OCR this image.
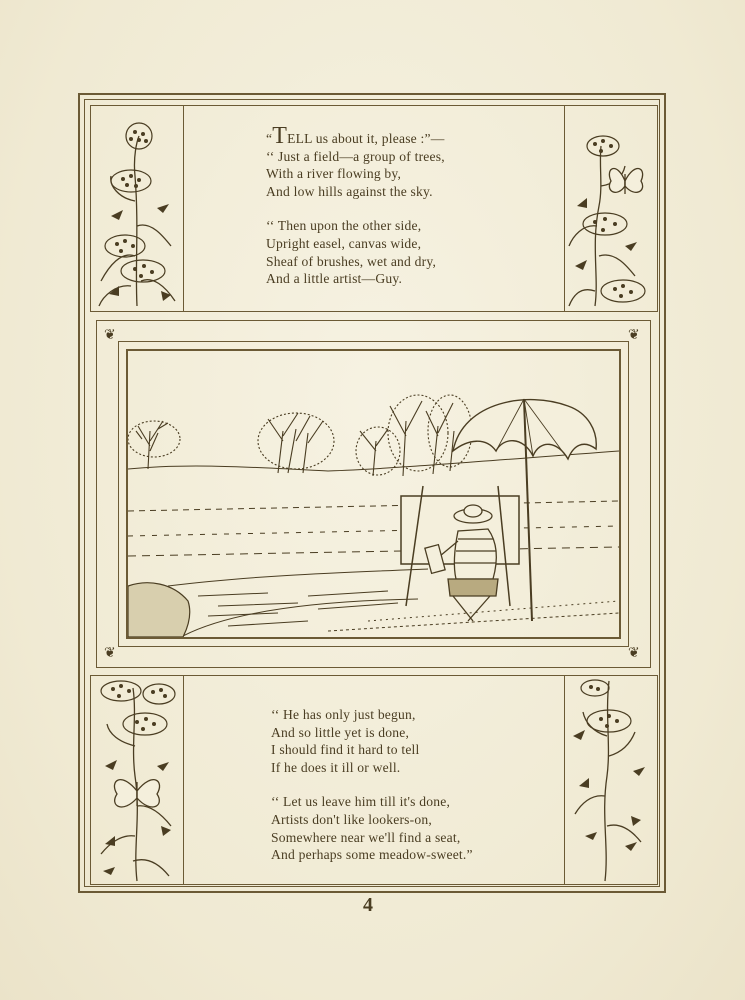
“TELL us about it, please :”—
‘‘ Just a field—a group of trees,
With a river flowing by,
And low hills against the sky.
‘‘ Then upon the other side,
Upright easel, canvas wide,
Sheaf of brushes, wet and dry,
And a little artist—Guy.
❦	❦
❦	❦
‘‘ He has only just begun,
And so little yet is done,
I should find it hard to tell
If he does it ill or well.
‘‘ Let us leave him till it's done,
Artists don't like lookers-on,
Somewhere near we'll find a seat,
And perhaps some meadow-sweet.”
4
